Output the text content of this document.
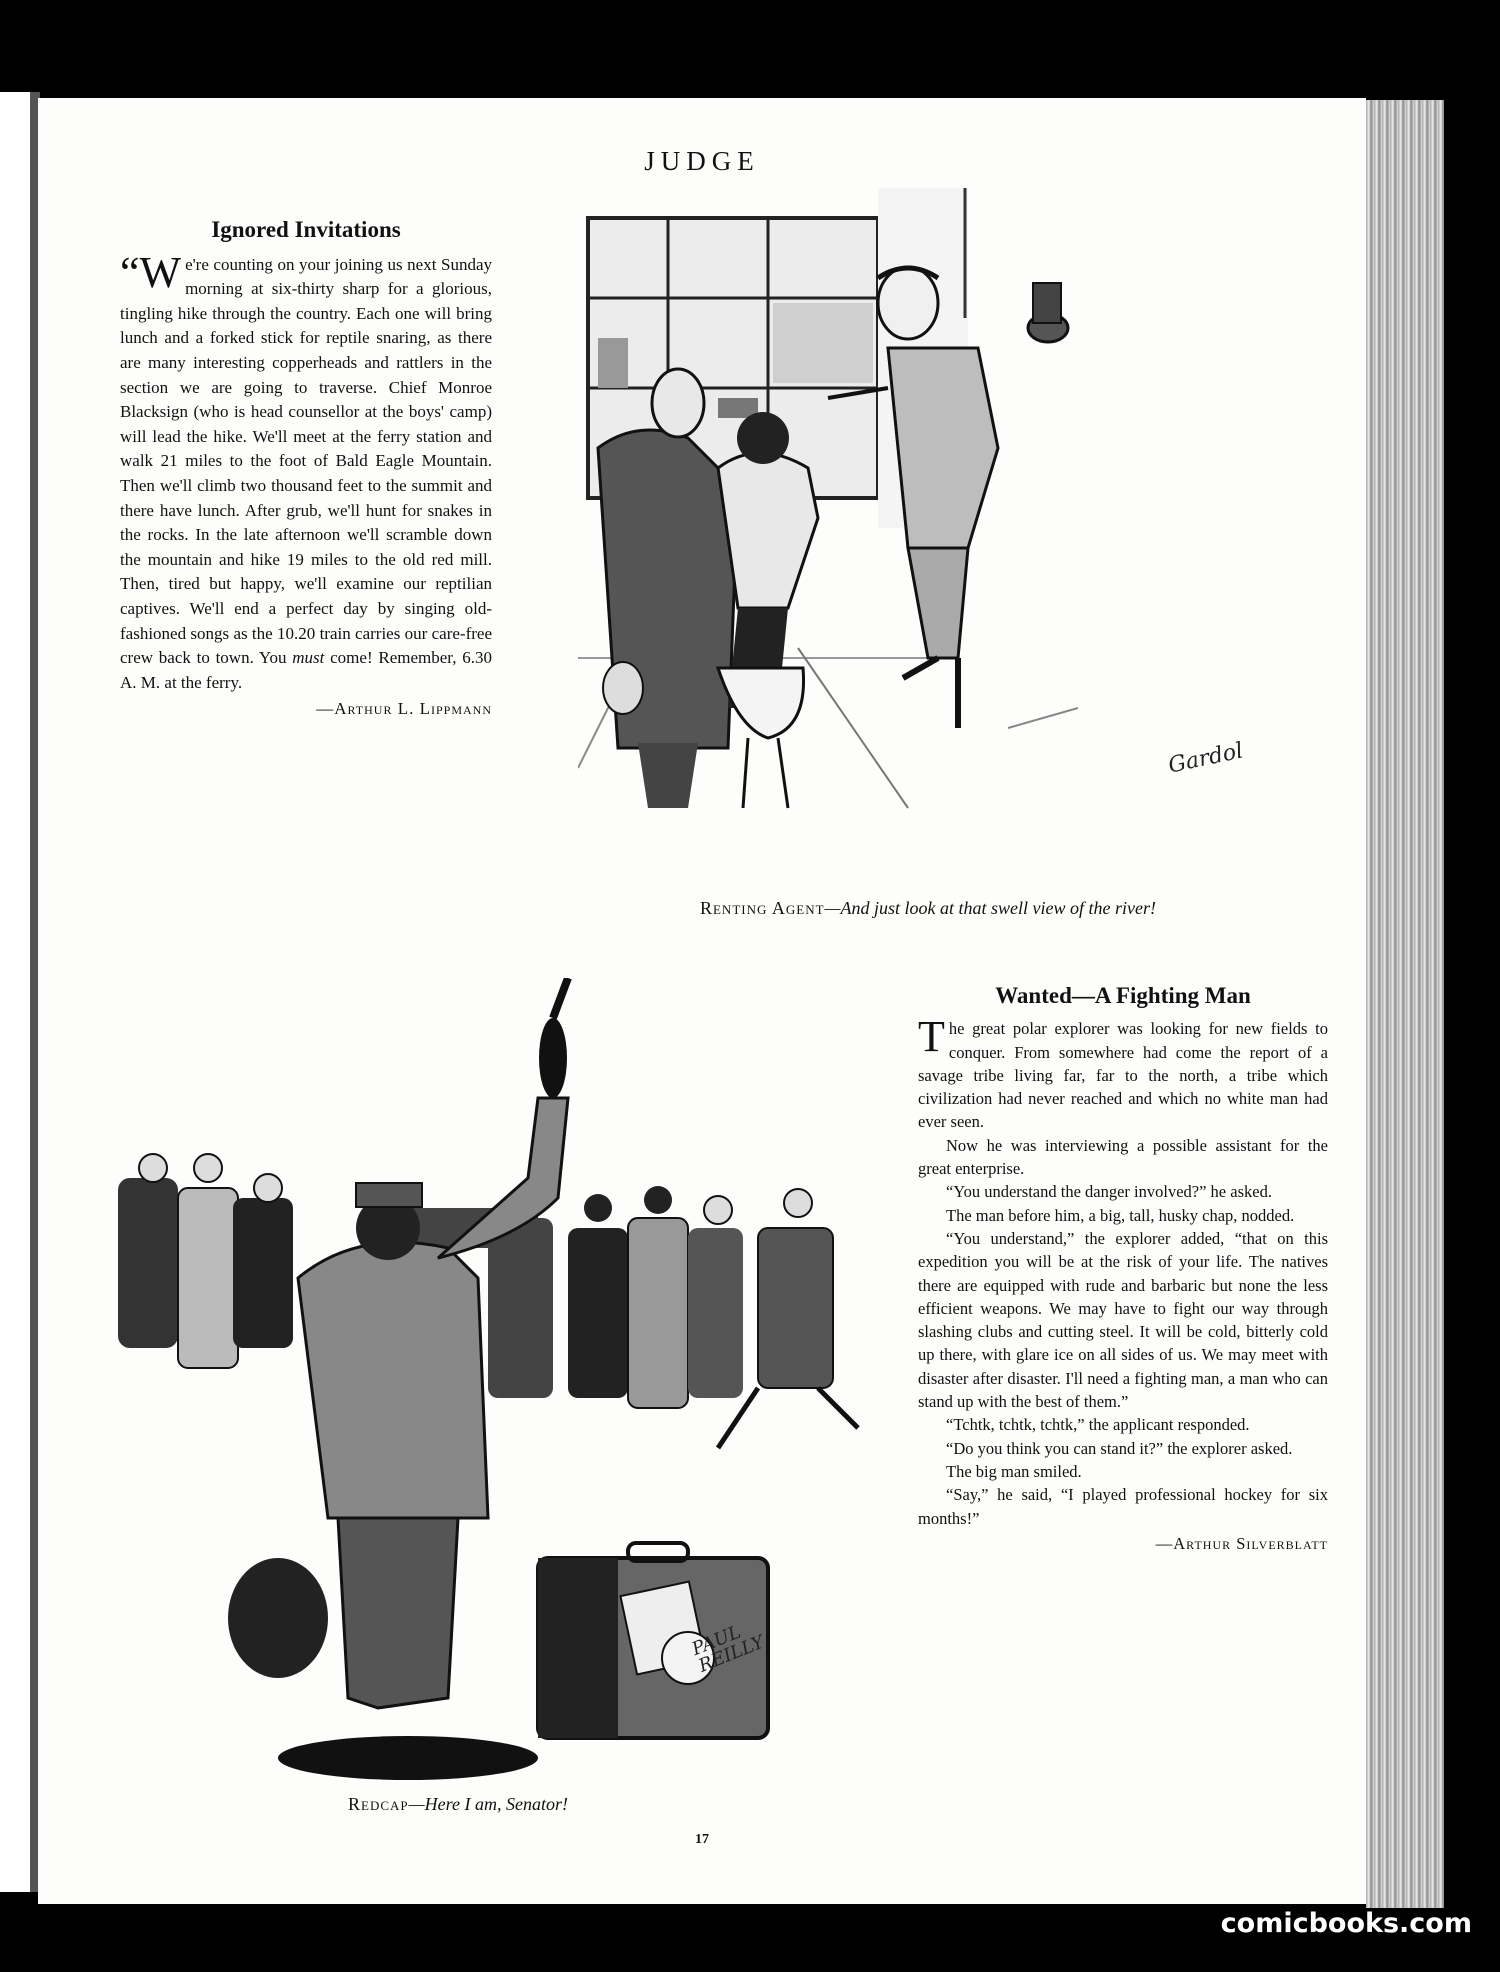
JUDGE
Ignored Invitations

“We're counting on your joining us next Sunday morning at six-thirty sharp for a glorious, tingling hike through the country. Each one will bring lunch and a forked stick for reptile snaring, as there are many interesting copperheads and rattlers in the section we are going to traverse. Chief Monroe Blacksign (who is head counsellor at the boys' camp) will lead the hike. We'll meet at the ferry station and walk 21 miles to the foot of Bald Eagle Mountain. Then we'll climb two thousand feet to the summit and there have lunch. After grub, we'll hunt for snakes in the rocks. In the late afternoon we'll scramble down the mountain and hike 19 miles to the old red mill. Then, tired but happy, we'll examine our reptilian captives. We'll end a perfect day by singing old-fashioned songs as the 10.20 train carries our care-free crew back to town. You must come! Remember, 6.30 A. M. at the ferry.

—Arthur L. Lippmann
Gardol
Renting Agent—And just look at that swell view of the river!
PAUL REILLY
Redcap—Here I am, Senator!
Wanted—A Fighting Man

The great polar explorer was looking for new fields to conquer. From somewhere had come the report of a savage tribe living far, far to the north, a tribe which civilization had never reached and which no white man had ever seen.

Now he was interviewing a possible assistant for the great enterprise.

“You understand the danger involved?” he asked.

The man before him, a big, tall, husky chap, nodded.

“You understand,” the explorer added, “that on this expedition you will be at the risk of your life. The natives there are equipped with rude and barbaric but none the less efficient weapons. We may have to fight our way through slashing clubs and cutting steel. It will be cold, bitterly cold up there, with glare ice on all sides of us. We may meet with disaster after disaster. I'll need a fighting man, a man who can stand up with the best of them.”

“Tchtk, tchtk, tchtk,” the applicant responded.

“Do you think you can stand it?” the explorer asked.

The big man smiled.

“Say,” he said, “I played professional hockey for six months!”

—Arthur Silverblatt
17
comicbooks.com
